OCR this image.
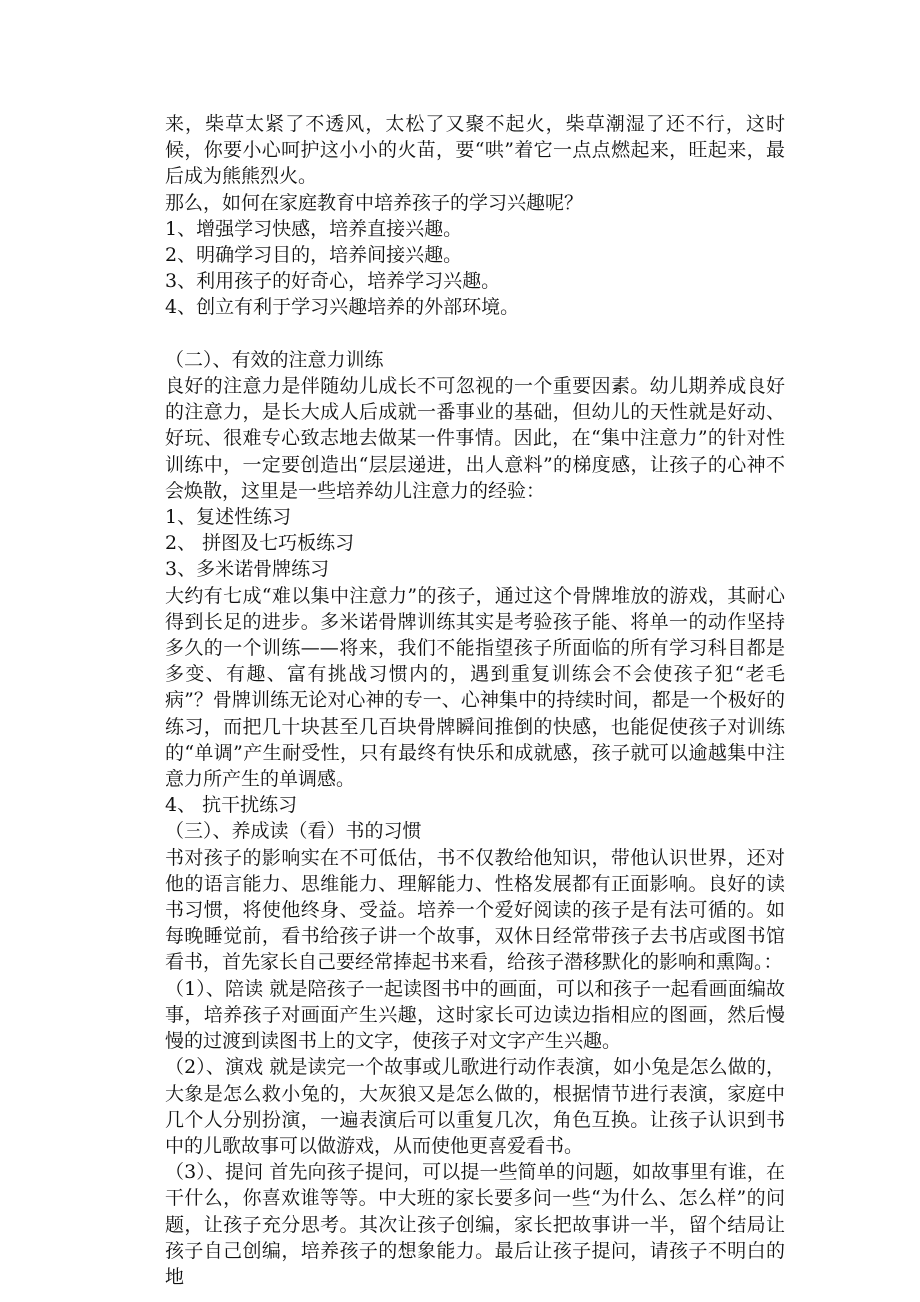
来，柴草太紧了不透风，太松了又聚不起火，柴草潮湿了还不行，这时候，你要小心呵护这小小的火苗，要“哄”着它一点点燃起来，旺起来，最后成为熊熊烈火。

那么，如何在家庭教育中培养孩子的学习兴趣呢？

1、增强学习快感，培养直接兴趣。

2、明确学习目的，培养间接兴趣。

3、利用孩子的好奇心，培养学习兴趣。

4、创立有利于学习兴趣培养的外部环境。

（二）、有效的注意力训练

良好的注意力是伴随幼儿成长不可忽视的一个重要因素。幼儿期养成良好的注意力，是长大成人后成就一番事业的基础，但幼儿的天性就是好动、好玩、很难专心致志地去做某一件事情。因此，在“集中注意力”的针对性训练中，一定要创造出“层层递进，出人意料”的梯度感，让孩子的心神不会焕散，这里是一些培养幼儿注意力的经验：

1、复述性练习

2、 拼图及七巧板练习

3、多米诺骨牌练习

大约有七成“难以集中注意力”的孩子，通过这个骨牌堆放的游戏，其耐心得到长足的进步。多米诺骨牌训练其实是考验孩子能、将单一的动作坚持多久的一个训练——将来，我们不能指望孩子所面临的所有学习科目都是多变、有趣、富有挑战习惯内的，遇到重复训练会不会使孩子犯“老毛病”？骨牌训练无论对心神的专一、心神集中的持续时间，都是一个极好的练习，而把几十块甚至几百块骨牌瞬间推倒的快感，也能促使孩子对训练的“单调”产生耐受性，只有最终有快乐和成就感，孩子就可以逾越集中注意力所产生的单调感。

4、 抗干扰练习

（三）、养成读（看）书的习惯

书对孩子的影响实在不可低估，书不仅教给他知识，带他认识世界，还对他的语言能力、思维能力、理解能力、性格发展都有正面影响。良好的读书习惯，将使他终身、受益。培养一个爱好阅读的孩子是有法可循的。如每晚睡觉前，看书给孩子讲一个故事，双休日经常带孩子去书店或图书馆看书，首先家长自己要经常捧起书来看，给孩子潜移默化的影响和熏陶。：

（1）、陪读 就是陪孩子一起读图书中的画面，可以和孩子一起看画面编故事，培养孩子对画面产生兴趣，这时家长可边读边指相应的图画，然后慢慢的过渡到读图书上的文字，使孩子对文字产生兴趣。

（2）、演戏 就是读完一个故事或儿歌进行动作表演，如小兔是怎么做的，大象是怎么救小兔的，大灰狼又是怎么做的，根据情节进行表演，家庭中几个人分别扮演，一遍表演后可以重复几次，角色互换。让孩子认识到书中的儿歌故事可以做游戏，从而使他更喜爱看书。

（3）、提问 首先向孩子提问，可以提一些简单的问题，如故事里有谁，在干什么，你喜欢谁等等。中大班的家长要多问一些“为什么、怎么样”的问题，让孩子充分思考。其次让孩子创编，家长把故事讲一半，留个结局让孩子自己创编，培养孩子的想象能力。最后让孩子提问，请孩子不明白的地
